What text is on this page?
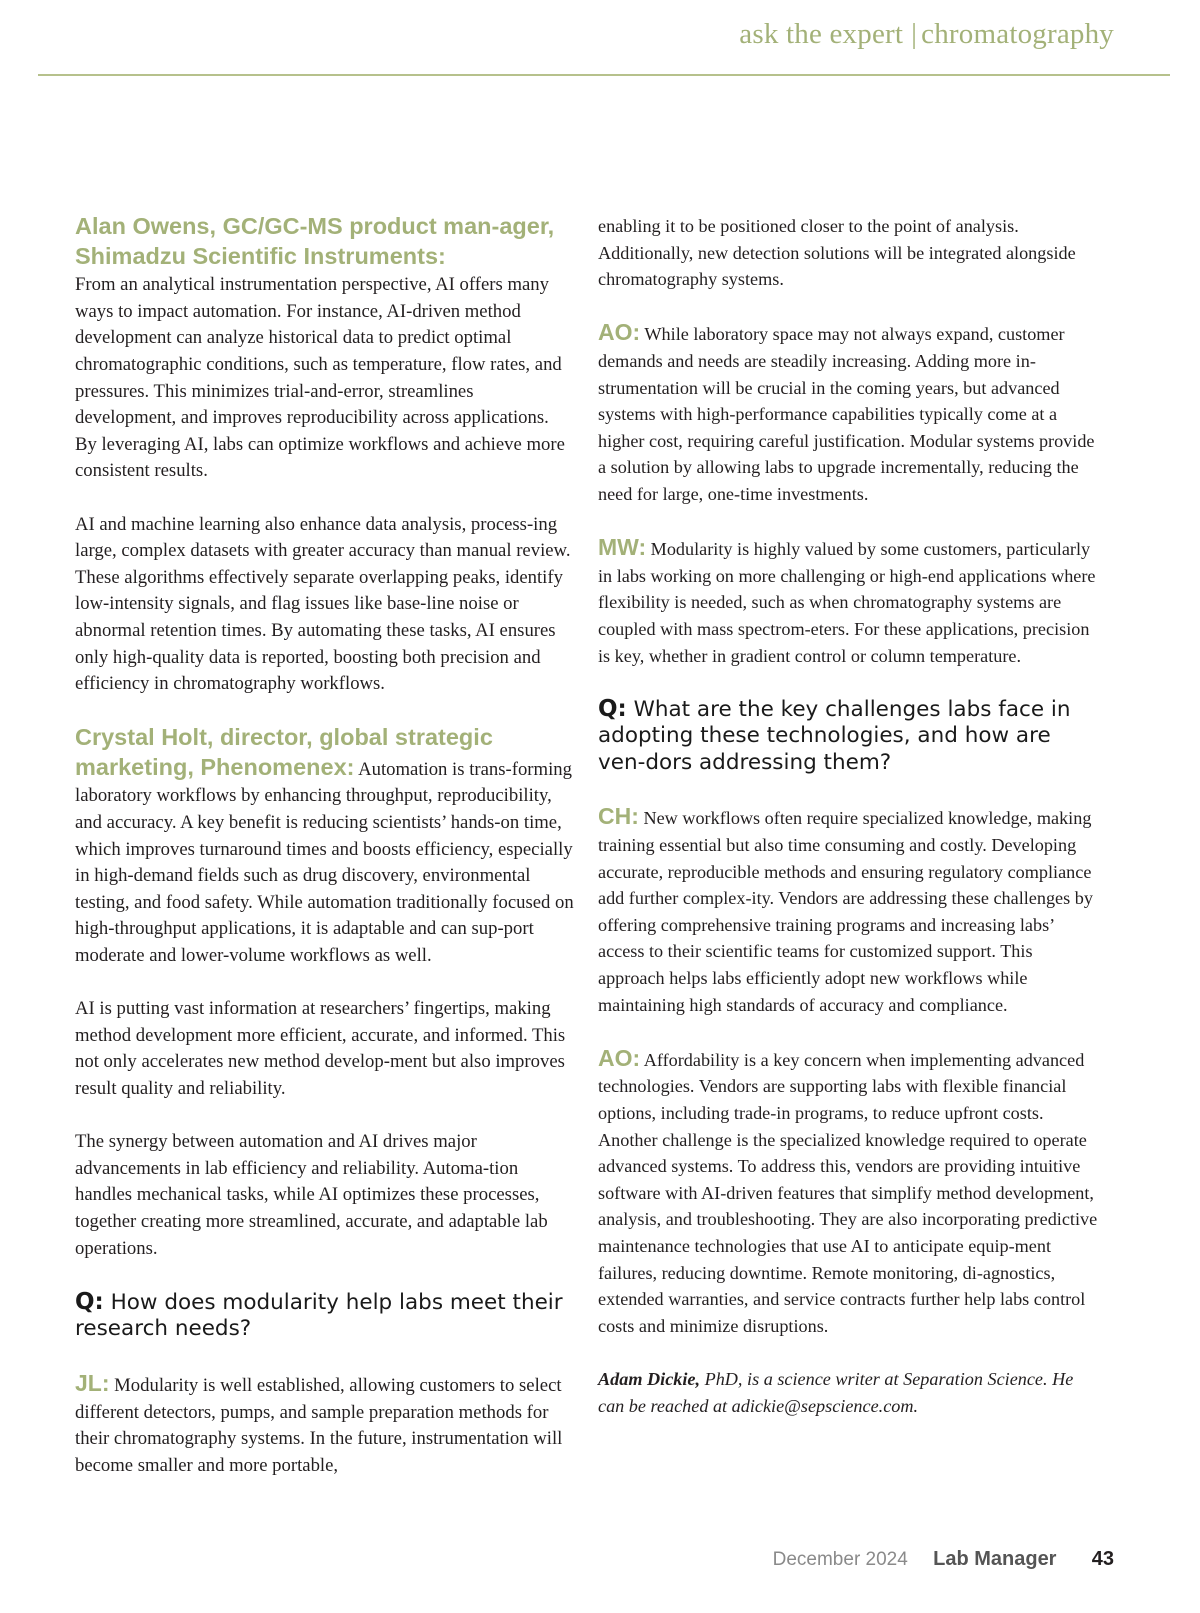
ask the expert | chromatography

Alan Owens, GC/GC-MS product man-ager, Shimadzu Scientific Instruments:
From an analytical instrumentation perspective, AI offers many ways to impact automation. For instance, AI-driven method development can analyze historical data to predict optimal chromatographic conditions, such as temperature, flow rates, and pressures. This minimizes trial-and-error, streamlines development, and improves reproducibility across applications. By leveraging AI, labs can optimize workflows and achieve more consistent results.

AI and machine learning also enhance data analysis, process-ing large, complex datasets with greater accuracy than manual review. These algorithms effectively separate overlapping peaks, identify low-intensity signals, and flag issues like base-line noise or abnormal retention times. By automating these tasks, AI ensures only high-quality data is reported, boosting both precision and efficiency in chromatography workflows.

Crystal Holt, director, global strategic marketing, Phenomenex: Automation is trans-forming laboratory workflows by enhancing throughput, reproducibility, and accuracy. A key benefit is reducing scientists’ hands-on time, which improves turnaround times and boosts efficiency, especially in high-demand fields such as drug discovery, environmental testing, and food safety. While automation traditionally focused on high-throughput applications, it is adaptable and can sup-port moderate and lower-volume workflows as well.

AI is putting vast information at researchers’ fingertips, making method development more efficient, accurate, and informed. This not only accelerates new method develop-ment but also improves result quality and reliability.

The synergy between automation and AI drives major advancements in lab efficiency and reliability. Automa-tion handles mechanical tasks, while AI optimizes these processes, together creating more streamlined, accurate, and adaptable lab operations.

Q: How does modularity help labs meet their research needs?

JL: Modularity is well established, allowing customers to select different detectors, pumps, and sample preparation methods for their chromatography systems. In the future, instrumentation will become smaller and more portable,

enabling it to be positioned closer to the point of analysis. Additionally, new detection solutions will be integrated alongside chromatography systems.

AO: While laboratory space may not always expand, customer demands and needs are steadily increasing. Adding more in-strumentation will be crucial in the coming years, but advanced systems with high-performance capabilities typically come at a higher cost, requiring careful justification. Modular systems provide a solution by allowing labs to upgrade incrementally, reducing the need for large, one-time investments.

MW: Modularity is highly valued by some customers, particularly in labs working on more challenging or high-end applications where flexibility is needed, such as when chromatography systems are coupled with mass spectrom-eters. For these applications, precision is key, whether in gradient control or column temperature.

Q: What are the key challenges labs face in adopting these technologies, and how are ven-dors addressing them?

CH: New workflows often require specialized knowledge, making training essential but also time consuming and costly. Developing accurate, reproducible methods and ensuring regulatory compliance add further complex-ity. Vendors are addressing these challenges by offering comprehensive training programs and increasing labs’ access to their scientific teams for customized support. This approach helps labs efficiently adopt new workflows while maintaining high standards of accuracy and compliance.

AO: Affordability is a key concern when implementing advanced technologies. Vendors are supporting labs with flexible financial options, including trade-in programs, to reduce upfront costs. Another challenge is the specialized knowledge required to operate advanced systems. To address this, vendors are providing intuitive software with AI-driven features that simplify method development, analysis, and troubleshooting. They are also incorporating predictive maintenance technologies that use AI to anticipate equip-ment failures, reducing downtime. Remote monitoring, di-agnostics, extended warranties, and service contracts further help labs control costs and minimize disruptions.

Adam Dickie, PhD, is a science writer at Separation Science. He can be reached at adickie@sepscience.com.

December 2024 Lab Manager 43
